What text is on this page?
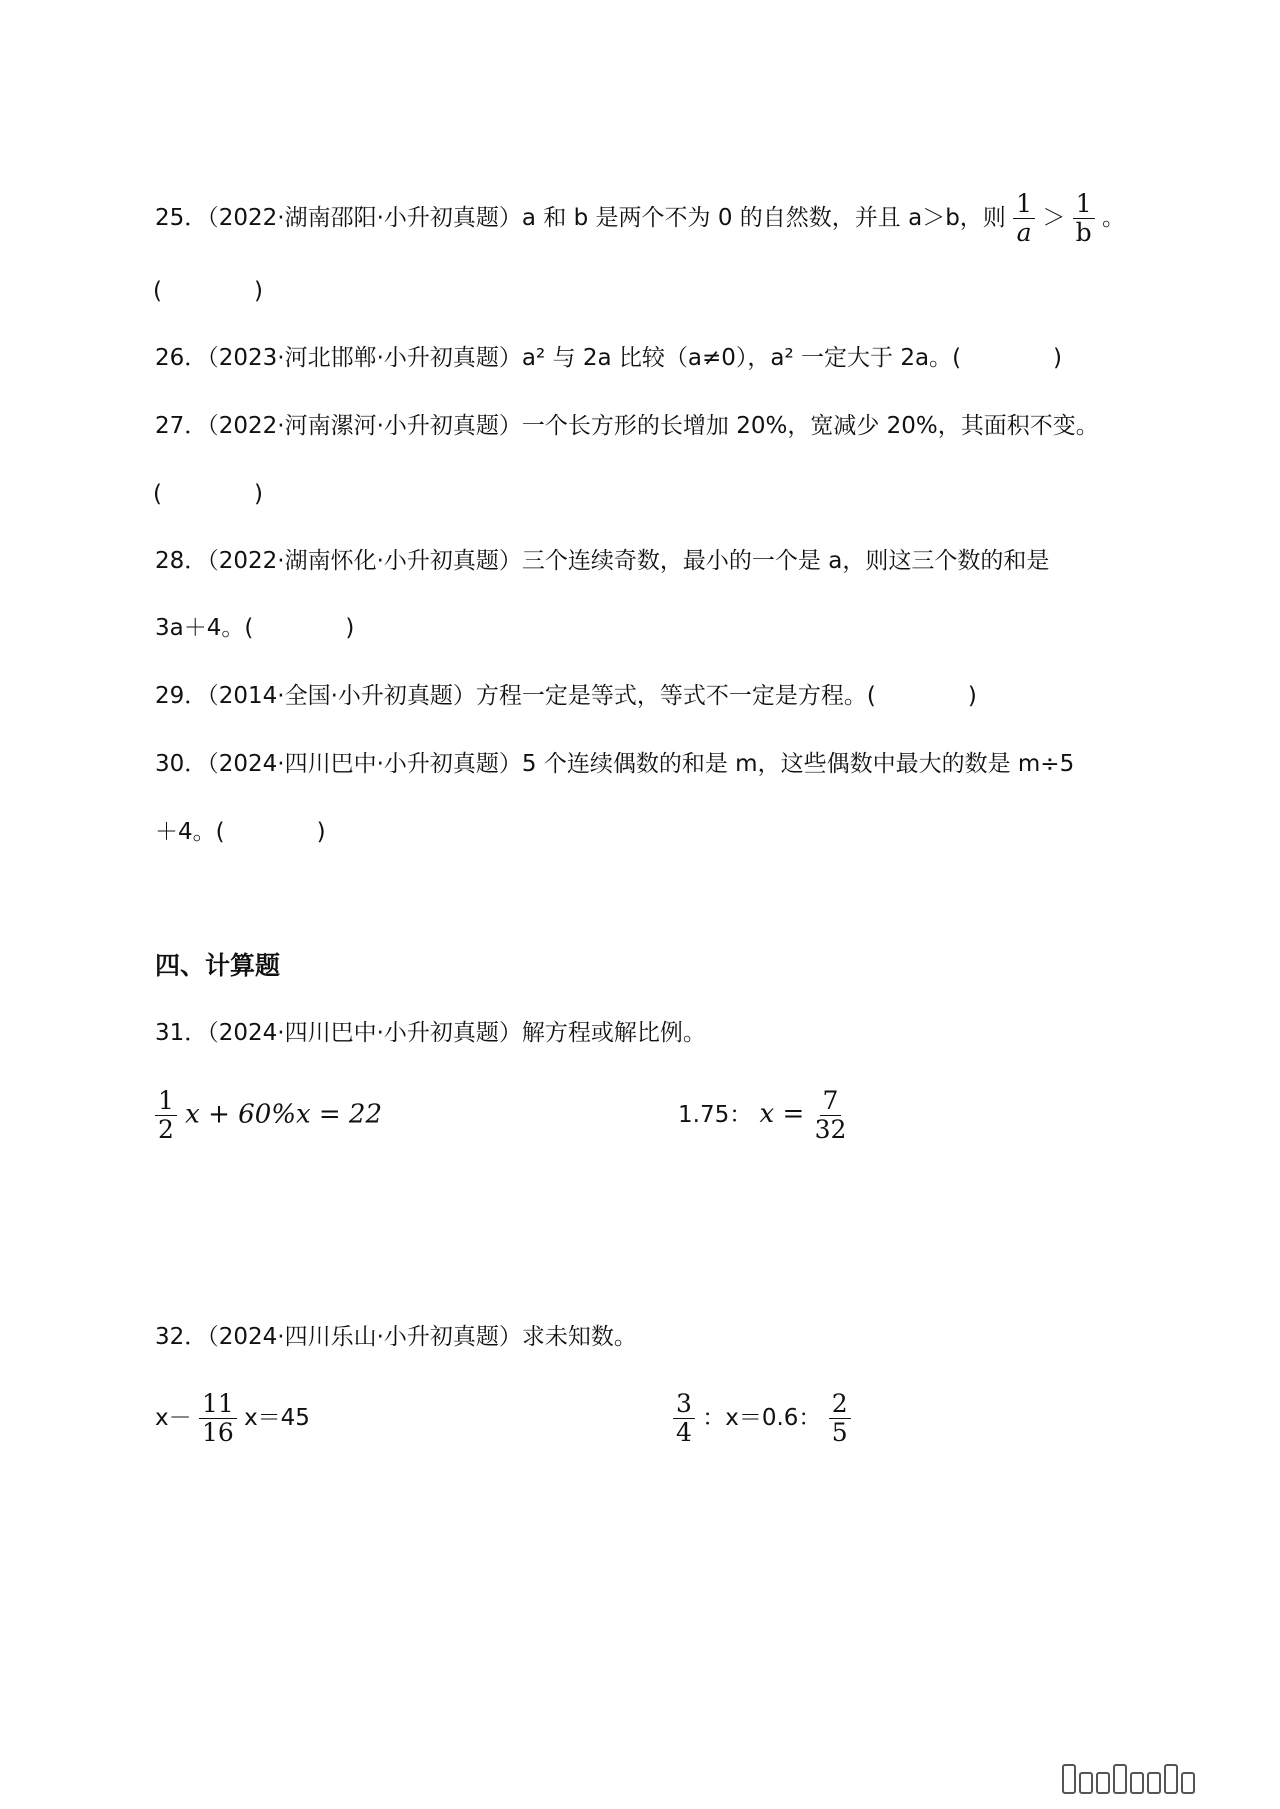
25．（2022·湖南邵阳·小升初真题）a 和 b 是两个不为 0 的自然数，并且 a＞b，则 $\frac{1}{a} > \frac{1}{b}$ 。
(　　　　)
26．（2023·河北邯郸·小升初真题）a² 与 2a 比较（a≠0），a² 一定大于 2a。(　　　　)
27．（2022·河南漯河·小升初真题）一个长方形的长增加 20%，宽减少 20%，其面积不变。
(　　　　)
28．（2022·湖南怀化·小升初真题）三个连续奇数，最小的一个是 a，则这三个数的和是
3a＋4。(　　　　)
29．（2014·全国·小升初真题）方程一定是等式，等式不一定是方程。(　　　　)
30．（2024·四川巴中·小升初真题）5 个连续偶数的和是 m，这些偶数中最大的数是 m÷5
＋4。(　　　　)
四、计算题
31．（2024·四川巴中·小升初真题）解方程或解比例。
$\frac{1}{2}$ x + 60%x = 22	1.75： $x = \frac{7}{32}$
32．（2024·四川乐山·小升初真题）求未知数。
$x- \frac{11}{16} x=45$	$\frac{3}{4}$ ：x＝0.6： $\frac{2}{5}$
